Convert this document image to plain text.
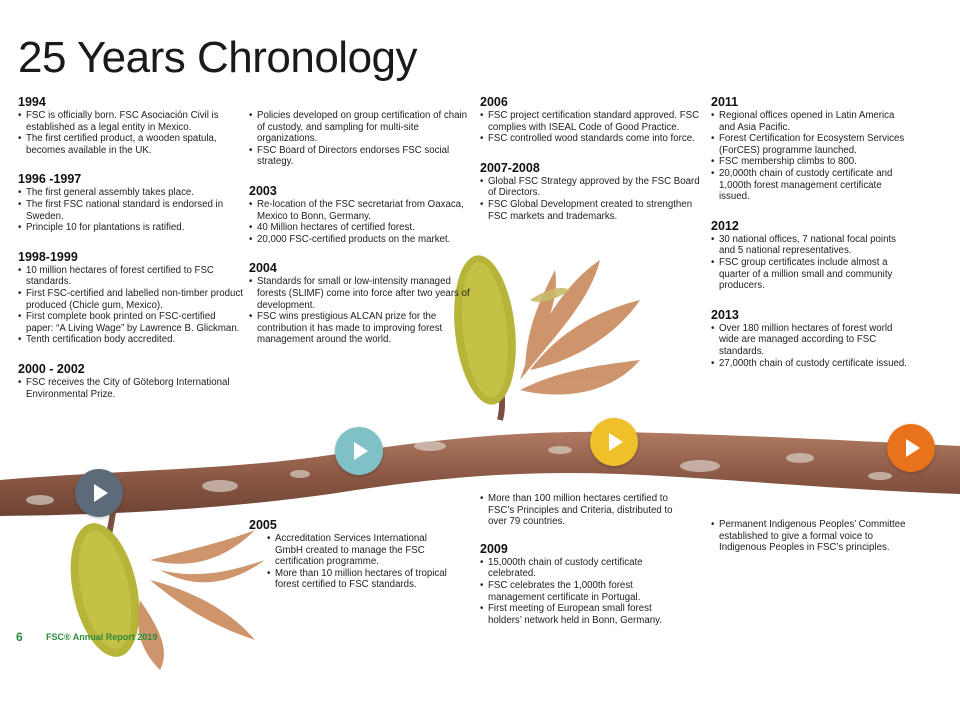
25 Years Chronology
1994
• FSC is officially born. FSC Asociación Civil is established as a legal entity in Mexico.
• The first certified product, a wooden spatula, becomes available in the UK.
1996 -1997
• The first general assembly takes place.
• The first FSC national standard is endorsed in Sweden.
• Principle 10 for plantations is ratified.
1998-1999
• 10 million hectares of forest certified to FSC standards.
• First FSC-certified and labelled non-timber product produced (Chicle gum, Mexico).
• First complete book printed on FSC-certified paper: “A Living Wage” by Lawrence B. Glickman.
• Tenth certification body accredited.
2000 - 2002
• FSC receives the City of Göteborg International Environmental Prize.
• Policies developed on group certification of chain of custody, and sampling for multi-site organizations.
• FSC Board of Directors endorses FSC social strategy.
2003
• Re-location of the FSC secretariat from Oaxaca, Mexico to Bonn, Germany.
• 40 Million hectares of certified forest.
• 20,000 FSC-certified products on the market.
2004
• Standards for small or low-intensity managed forests (SLIMF) come into force after two years of development.
• FSC wins prestigious ALCAN prize for the contribution it has made to improving forest management around the world.
2005
• Accreditation Services International GmbH created to manage the FSC certification programme.
• More than 10 million hectares of tropical forest certified to FSC standards.
2006
• FSC project certification standard approved. FSC complies with ISEAL Code of Good Practice.
• FSC controlled wood standards come into force.
2007-2008
• Global FSC Strategy approved by the FSC Board of Directors.
• FSC Global Development created to strengthen FSC markets and trademarks.
• More than 100 million hectares certified to FSC’s Principles and Criteria, distributed to over 79 countries.
2009
• 15,000th chain of custody certificate celebrated.
• FSC celebrates the 1,000th forest management certificate in Portugal.
• First meeting of European small forest holders’ network held in Bonn, Germany.
2011
• Regional offices opened in Latin America and Asia Pacific.
• Forest Certification for Ecosystem Services (ForCES) programme launched.
• FSC membership climbs to 800.
• 20,000th chain of custody certificate and 1,000th forest management certificate issued.
2012
• 30 national offices, 7 national focal points and 5 national representatives.
• FSC group certificates include almost a quarter of a million small and community producers.
2013
• Over 180 million hectares of forest world wide are managed according to FSC standards.
• 27,000th chain of custody certificate issued.
• Permanent Indigenous Peoples’ Committee established to give a formal voice to Indigenous Peoples in FSC’s principles.
6	FSC® Annual Report 2019
